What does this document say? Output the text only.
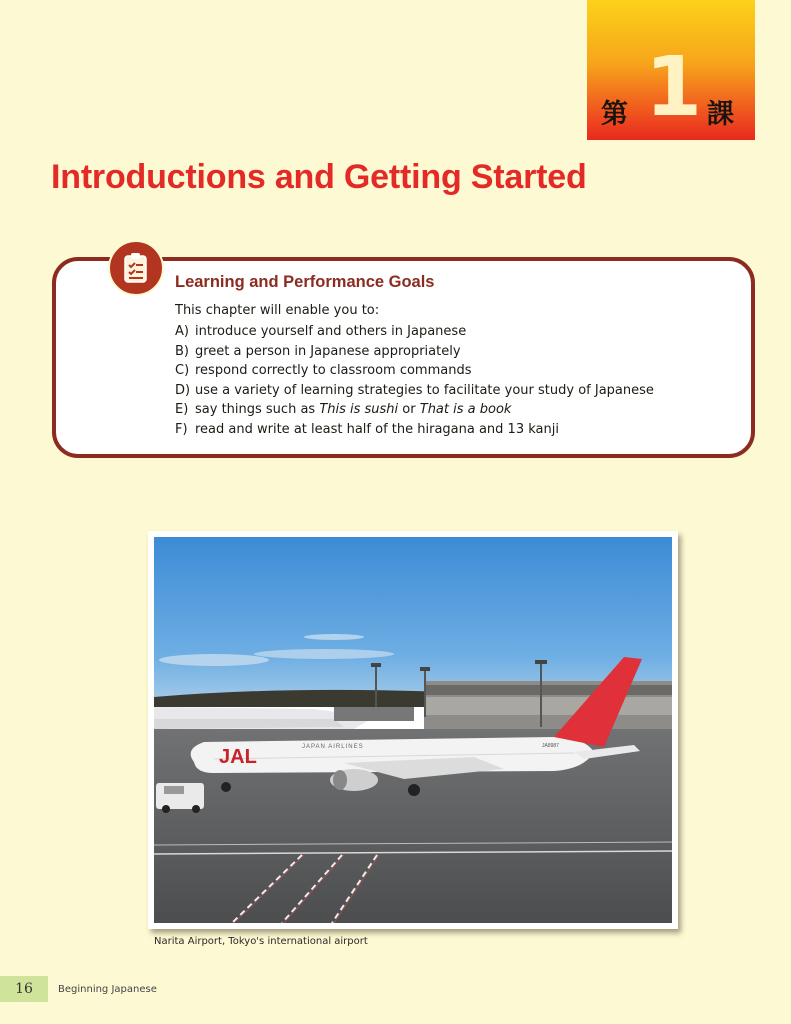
第 1 課
Introductions and Getting Started
Learning and Performance Goals

This chapter will enable you to:

A) introduce yourself and others in Japanese
B) greet a person in Japanese appropriately
C) respond correctly to classroom commands
D) use a variety of learning strategies to facilitate your study of Japanese
E) say things such as This is sushi or That is a book
F) read and write at least half of the hiragana and 13 kanji
JAL	JAPAN AIRLINES	JA8987

Narita Airport, Tokyo's international airport

16	Beginning Japanese
